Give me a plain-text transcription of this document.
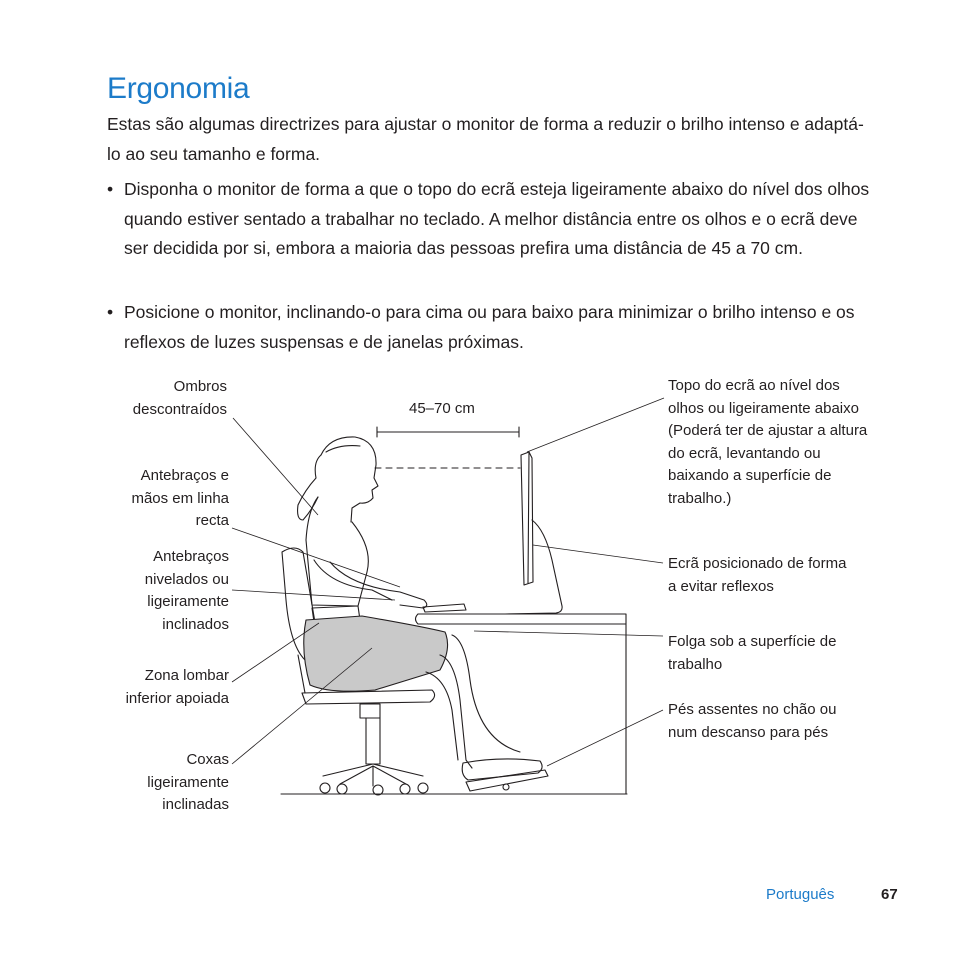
Ergonomia

Estas são algumas directrizes para ajustar o monitor de forma a reduzir o brilho intenso e adaptá-lo ao seu tamanho e forma.

• Disponha o monitor de forma a que o topo do ecrã esteja ligeiramente abaixo do nível dos olhos quando estiver sentado a trabalhar no teclado. A melhor distância entre os olhos e o ecrã deve ser decidida por si, embora a maioria das pessoas prefira uma distância de 45 a 70 cm.
• Posicione o monitor, inclinando-o para cima ou para baixo para minimizar o brilho intenso e os reflexos de luzes suspensas e de janelas próximas.
45–70 cm
Ombros descontraídos
Antebraços e mãos em linha recta
Antebraços nivelados ou ligeiramente inclinados
Zona lombar inferior apoiada
Coxas ligeiramente inclinadas
Topo do ecrã ao nível dos olhos ou ligeiramente abaixo (Poderá ter de ajustar a altura do ecrã, levantando ou baixando a superfície de trabalho.)
Ecrã posicionado de forma a evitar reflexos
Folga sob a superfície de trabalho
Pés assentes no chão ou num descanso para pés
Português	67
